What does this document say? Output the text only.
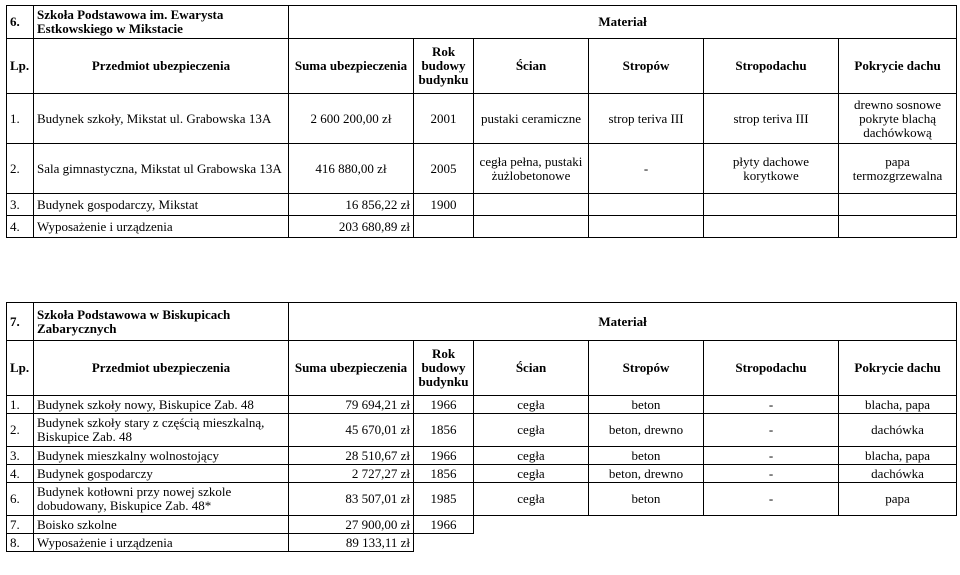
6.	Szkoła Podstawowa im. Ewarysta Estkowskiego w Mikstacie	Materiał					
Lp.	Przedmiot ubezpieczenia	Suma ubezpieczenia	Rok budowy budynku	Ścian	Stropów	Stropodachu	Pokrycie dachu
1.	Budynek szkoły, Mikstat ul. Grabowska 13A	2 600 200,00 zł	2001	pustaki ceramiczne	strop teriva III	strop teriva III	drewno sosnowe pokryte blachą dachówkową
2.	Sala gimnastyczna, Mikstat ul Grabowska 13A	416 880,00 zł	2005	cegła pełna, pustaki żużlobetonowe	-	płyty dachowe korytkowe	papa termozgrzewalna
3.	Budynek gospodarczy, Mikstat	16 856,22 zł	1900				
4.	Wyposażenie i urządzenia	203 680,89 zł					
7.	Szkoła Podstawowa w Biskupicach Zabarycznych	Materiał					
Lp.	Przedmiot ubezpieczenia	Suma ubezpieczenia	Rok budowy budynku	Ścian	Stropów	Stropodachu	Pokrycie dachu
1.	Budynek szkoły nowy, Biskupice Zab. 48	79 694,21 zł	1966	cegła	beton	-	blacha, papa
2.	Budynek szkoły stary z częścią mieszkalną, Biskupice Zab. 48	45 670,01 zł	1856	cegła	beton, drewno	-	dachówka
3.	Budynek mieszkalny wolnostojący	28 510,67 zł	1966	cegła	beton	-	blacha, papa
4.	Budynek gospodarczy	2 727,27 zł	1856	cegła	beton, drewno	-	dachówka
6.	Budynek kotłowni przy nowej szkole dobudowany, Biskupice Zab. 48*	83 507,01 zł	1985	cegła	beton	-	papa
7.	Boisko szkolne	27 900,00 zł	1966				
8.	Wyposażenie i urządzenia	89 133,11 zł					
